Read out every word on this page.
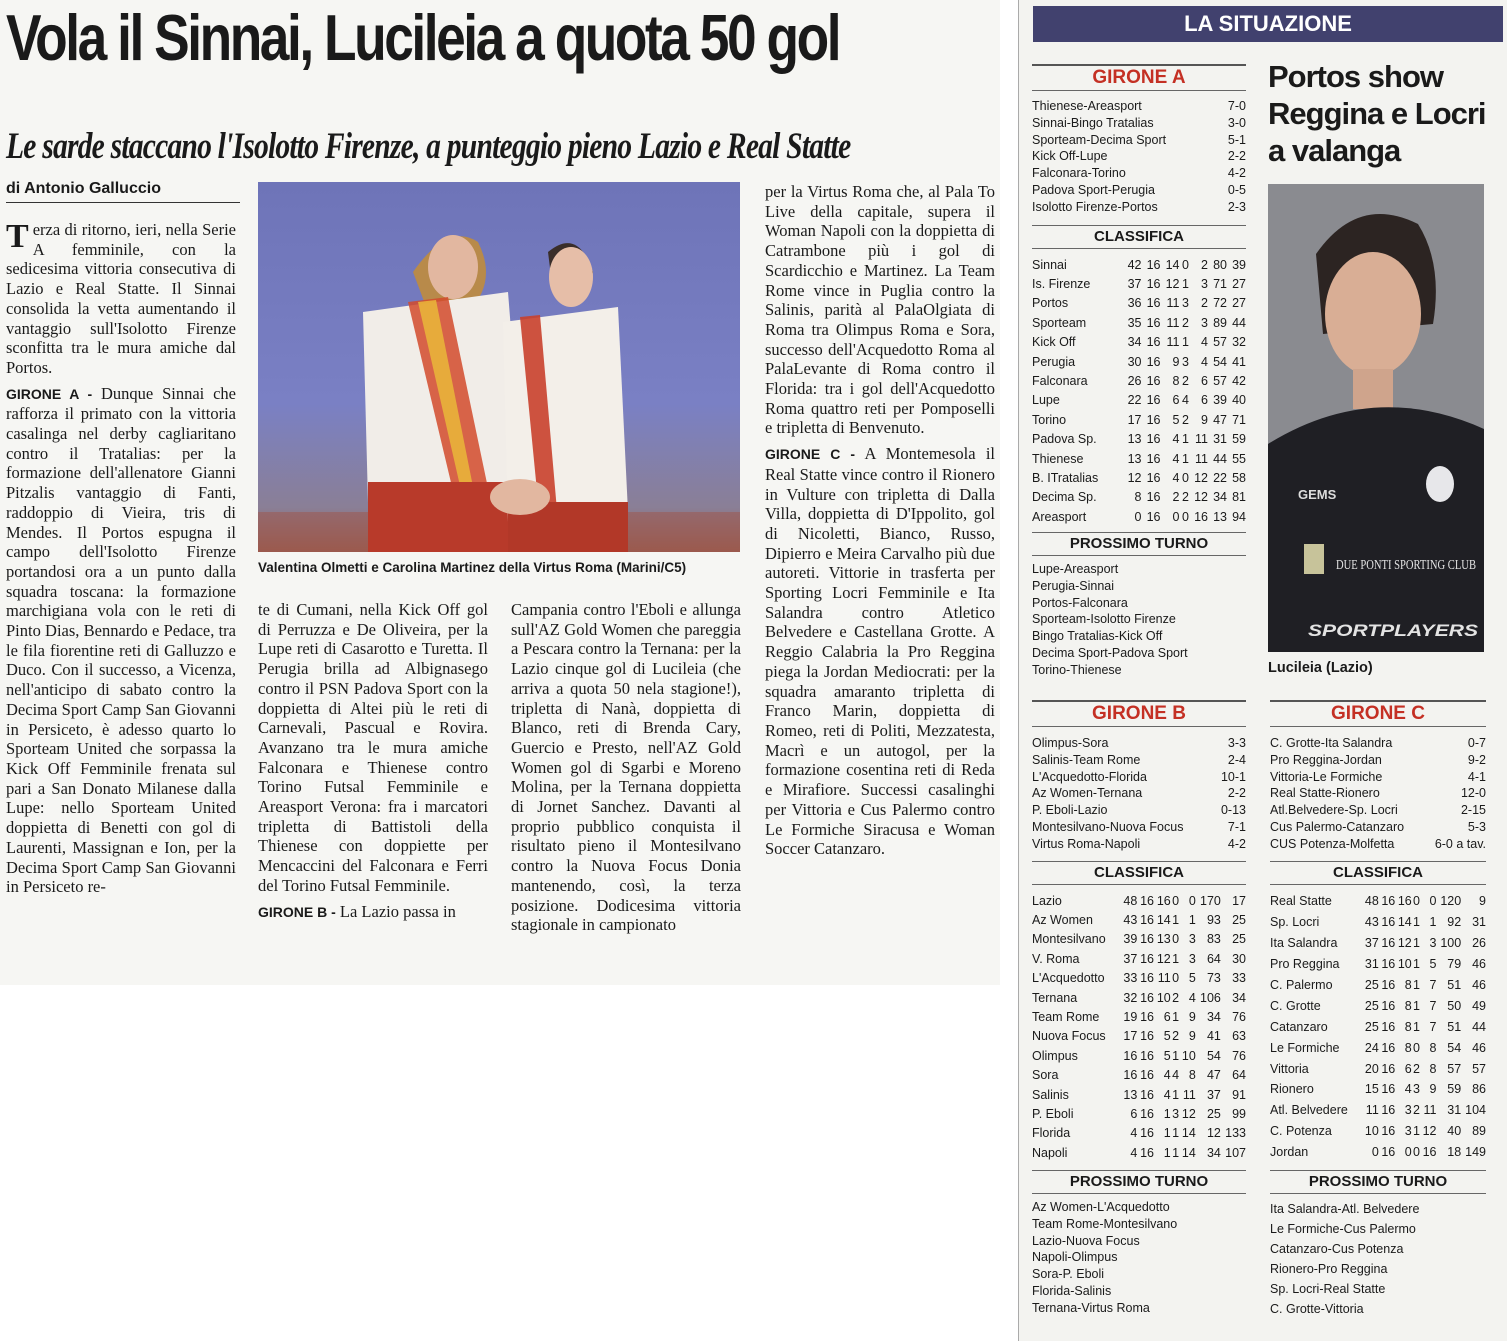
Vola il Sinnai, Lucileia a quota 50 gol
Le sarde staccano l'Isolotto Firenze, a punteggio pieno Lazio e Real Statte
di Antonio Galluccio

Terza di ritorno, ieri, nella Serie A femminile, con la sedicesima vittoria consecutiva di Lazio e Real Statte. Il Sinnai consolida la vetta aumentando il vantaggio sull'Isolotto Firenze sconfitta tra le mura amiche dal Portos.

GIRONE A - Dunque Sinnai che rafforza il primato con la vittoria casalinga nel derby cagliaritano contro il Tratalias: per la formazione dell'allenatore Gianni Pitzalis vantaggio di Fanti, raddoppio di Vieira, tris di Mendes. Il Portos espugna il campo dell'Isolotto Firenze portandosi ora a un punto dalla squadra toscana: la formazione marchigiana vola con le reti di Pinto Dias, Bennardo e Pedace, tra le fila fiorentine reti di Galluzzo e Duco. Con il successo, a Vicenza, nell'anticipo di sabato contro la Decima Sport Camp San Giovanni in Persiceto, è adesso quarto lo Sporteam United che sorpassa la Kick Off Femminile frenata sul pari a San Donato Milanese dalla Lupe: nello Sporteam United doppietta di Benetti con gol di Laurenti, Massignan e Ion, per la Decima Sport Camp San Giovanni in Persiceto re-

Valentina Olmetti e Carolina Martinez della Virtus Roma (Marini/C5)

te di Cumani, nella Kick Off gol di Perruzza e De Oliveira, per la Lupe reti di Casarotto e Turetta. Il Perugia brilla ad Albignasego contro il PSN Padova Sport con la doppietta di Altei più le reti di Carnevali, Pascual e Rovira. Avanzano tra le mura amiche Falconara e Thienese contro Torino Futsal Femminile e Areasport Verona: fra i marcatori tripletta di Battistoli della Thienese con doppiette per Mencaccini del Falconara e Ferri del Torino Futsal Femminile.

GIRONE B - La Lazio passa in

Campania contro l'Eboli e allunga sull'AZ Gold Women che pareggia a Pescara contro la Ternana: per la Lazio cinque gol di Lucileia (che arriva a quota 50 nela stagione!), tripletta di Nanà, doppietta di Blanco, reti di Brenda Cary, Guercio e Presto, nell'AZ Gold Women gol di Sgarbi e Moreno Molina, per la Ternana doppietta di Jornet Sanchez. Davanti al proprio pubblico conquista il risultato pieno il Montesilvano contro la Nuova Focus Donia mantenendo, così, la terza posizione. Dodicesima vittoria stagionale in campionato

per la Virtus Roma che, al Pala To Live della capitale, supera il Woman Napoli con la doppietta di Catrambone più i gol di Scardicchio e Martinez. La Team Rome vince in Puglia contro la Salinis, parità al PalaOlgiata di Roma tra Olimpus Roma e Sora, successo dell'Acquedotto Roma al PalaLevante di Roma contro il Florida: tra i gol dell'Acquedotto Roma quattro reti per Pomposelli e tripletta di Benvenuto.

GIRONE C - A Montemesola il Real Statte vince contro il Rionero in Vulture con tripletta di Dalla Villa, doppietta di D'Ippolito, gol di Nicoletti, Bianco, Russo, Dipierro e Meira Carvalho più due autoreti. Vittorie in trasferta per Sporting Locri Femminile e Ita Salandra contro Atletico Belvedere e Castellana Grotte. A Reggio Calabria la Pro Reggina piega la Jordan Mediocrati: per la squadra amaranto tripletta di Franco Marin, doppietta di Romeo, reti di Politi, Mezzatesta, Macrì e un autogol, per la formazione cosentina reti di Reda e Mirafiore. Successi casalinghi per Vittoria e Cus Palermo contro Le Formiche Siracusa e Woman Soccer Catanzaro.

LA SITUAZIONE
GIRONE A
Thienese-Areasport	7-0
Sinnai-Bingo Tratalias	3-0
Sporteam-Decima Sport	5-1
Kick Off-Lupe	2-2
Falconara-Torino	4-2
Padova Sport-Perugia	0-5
Isolotto Firenze-Portos	2-3
CLASSIFICA
Sinnai	42	16	14	0	2	80	39
Is. Firenze	37	16	12	1	3	71	27
Portos	36	16	11	3	2	72	27
Sporteam	35	16	11	2	3	89	44
Kick Off	34	16	11	1	4	57	32
Perugia	30	16	9	3	4	54	41
Falconara	26	16	8	2	6	57	42
Lupe	22	16	6	4	6	39	40
Torino	17	16	5	2	9	47	71
Padova Sp.	13	16	4	1	11	31	59
Thienese	13	16	4	1	11	44	55
B. ITratalias	12	16	4	0	12	22	58
Decima Sp.	8	16	2	2	12	34	81
Areasport	0	16	0	0	16	13	94
PROSSIMO TURNO
Lupe-Areasport
Perugia-Sinnai
Portos-Falconara
Sporteam-Isolotto Firenze
Bingo Tratalias-Kick Off
Decima Sport-Padova Sport
Torino-Thienese
Portos show Reggina e Locri a valanga
GEMS
DUE PONTI SPORTING CLUB
SPORTPLAYERS
Lucileia (Lazio)
GIRONE B
Olimpus-Sora	3-3
Salinis-Team Rome	2-4
L'Acquedotto-Florida	10-1
Az Women-Ternana	2-2
P. Eboli-Lazio	0-13
Montesilvano-Nuova Focus	7-1
Virtus Roma-Napoli	4-2
CLASSIFICA
Lazio	48	16	16	0	0	170	17
Az Women	43	16	14	1	1	93	25
Montesilvano	39	16	13	0	3	83	25
V. Roma	37	16	12	1	3	64	30
L'Acquedotto	33	16	11	0	5	73	33
Ternana	32	16	10	2	4	106	34
Team Rome	19	16	6	1	9	34	76
Nuova Focus	17	16	5	2	9	41	63
Olimpus	16	16	5	1	10	54	76
Sora	16	16	4	4	8	47	64
Salinis	13	16	4	1	11	37	91
P. Eboli	6	16	1	3	12	25	99
Florida	4	16	1	1	14	12	133
Napoli	4	16	1	1	14	34	107
PROSSIMO TURNO
Az Women-L'Acquedotto
Team Rome-Montesilvano
Lazio-Nuova Focus
Napoli-Olimpus
Sora-P. Eboli
Florida-Salinis
Ternana-Virtus Roma
GIRONE C
C. Grotte-Ita Salandra	0-7
Pro Reggina-Jordan	9-2
Vittoria-Le Formiche	4-1
Real Statte-Rionero	12-0
Atl.Belvedere-Sp. Locri	2-15
Cus Palermo-Catanzaro	5-3
CUS Potenza-Molfetta	6-0 a tav.
CLASSIFICA
Real Statte	48	16	16	0	0	120	9
Sp. Locri	43	16	14	1	1	92	31
Ita Salandra	37	16	12	1	3	100	26
Pro Reggina	31	16	10	1	5	79	46
C. Palermo	25	16	8	1	7	51	46
C. Grotte	25	16	8	1	7	50	49
Catanzaro	25	16	8	1	7	51	44
Le Formiche	24	16	8	0	8	54	46
Vittoria	20	16	6	2	8	57	57
Rionero	15	16	4	3	9	59	86
Atl. Belvedere	11	16	3	2	11	31	104
C. Potenza	10	16	3	1	12	40	89
Jordan	0	16	0	0	16	18	149
PROSSIMO TURNO
Ita Salandra-Atl. Belvedere
Le Formiche-Cus Palermo
Catanzaro-Cus Potenza
Rionero-Pro Reggina
Sp. Locri-Real Statte
C. Grotte-Vittoria
